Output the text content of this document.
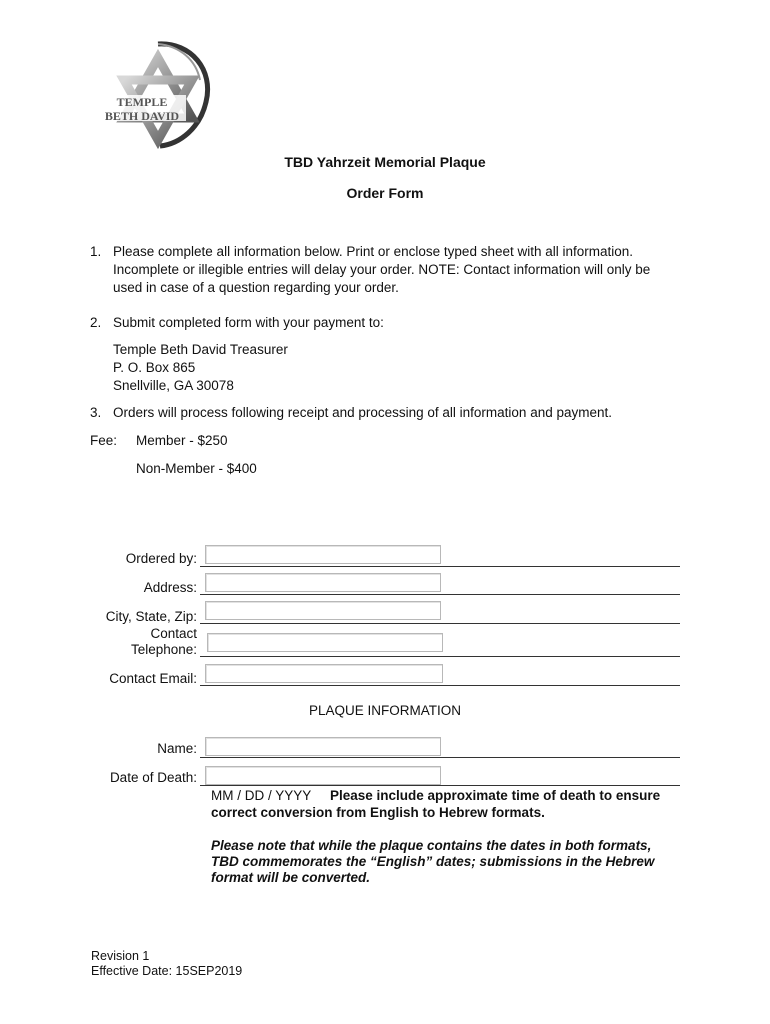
TEMPLE
BETH DAVID
TBD Yahrzeit Memorial Plaque
Order Form
1. Please complete all information below. Print or enclose typed sheet with all information.
Incomplete or illegible entries will delay your order. NOTE: Contact information will only be
used in case of a question regarding your order.
2. Submit completed form with your payment to:
Temple Beth David Treasurer
P. O. Box 865
Snellville, GA 30078
3. Orders will process following receipt and processing of all information and payment.
Fee: Member - $250
Non-Member - $400
Ordered by:
Address:
City, State, Zip:
Contact
Telephone:
Contact Email:
PLAQUE INFORMATION
Name:
Date of Death:
MM / DD / YYYY Please include approximate time of death to ensure
correct conversion from English to Hebrew formats.
Please note that while the plaque contains the dates in both formats,
TBD commemorates the “English” dates; submissions in the Hebrew
format will be converted.
Revision 1
Effective Date: 15SEP2019
